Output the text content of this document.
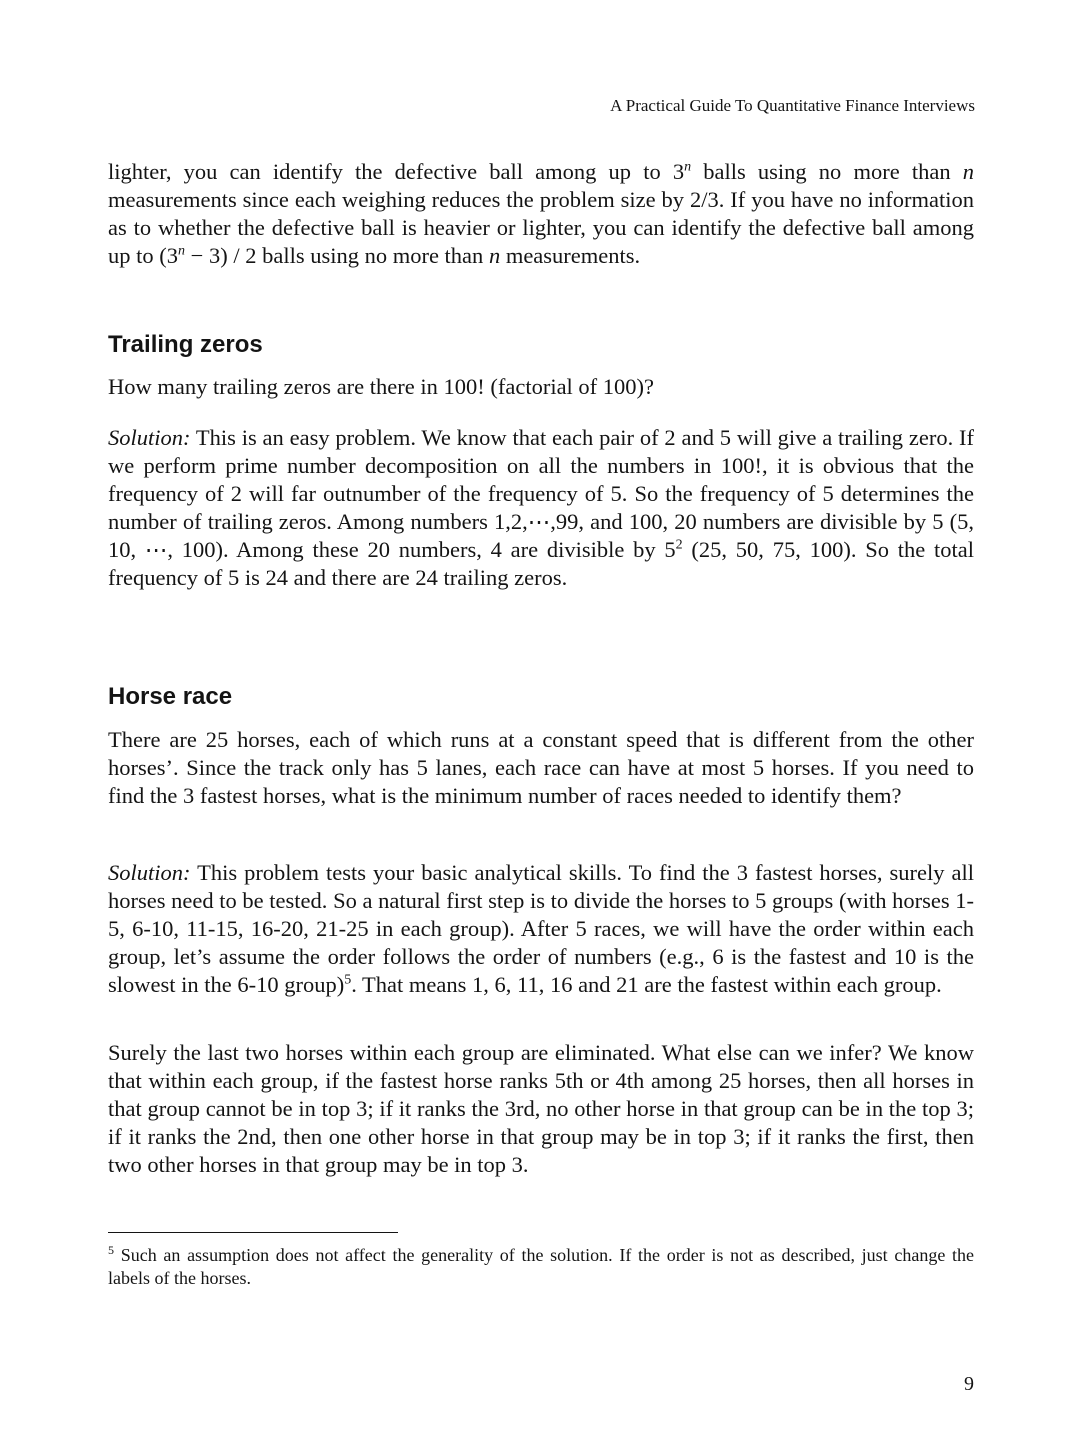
A Practical Guide To Quantitative Finance Interviews

lighter, you can identify the defective ball among up to 3$^n$ balls using no more than n measurements since each weighing reduces the problem size by 2/3. If you have no information as to whether the defective ball is heavier or lighter, you can identify the defective ball among up to $(3^n - 3) / 2$ balls using no more than n measurements.

Trailing zeros

How many trailing zeros are there in 100! (factorial of 100)?

Solution: This is an easy problem. We know that each pair of 2 and 5 will give a trailing zero. If we perform prime number decomposition on all the numbers in 100!, it is obvious that the frequency of 2 will far outnumber of the frequency of 5. So the frequency of 5 determines the number of trailing zeros. Among numbers 1,2,⋯,99, and 100, 20 numbers are divisible by 5 (5, 10, ⋯, 100). Among these 20 numbers, 4 are divisible by $5^2$ (25, 50, 75, 100). So the total frequency of 5 is 24 and there are 24 trailing zeros.

Horse race

There are 25 horses, each of which runs at a constant speed that is different from the other horses’. Since the track only has 5 lanes, each race can have at most 5 horses. If you need to find the 3 fastest horses, what is the minimum number of races needed to identify them?

Solution: This problem tests your basic analytical skills. To find the 3 fastest horses, surely all horses need to be tested. So a natural first step is to divide the horses to 5 groups (with horses 1-5, 6-10, 11-15, 16-20, 21-25 in each group). After 5 races, we will have the order within each group, let’s assume the order follows the order of numbers (e.g., 6 is the fastest and 10 is the slowest in the 6-10 group)$^5$. That means 1, 6, 11, 16 and 21 are the fastest within each group.

Surely the last two horses within each group are eliminated. What else can we infer? We know that within each group, if the fastest horse ranks 5th or 4th among 25 horses, then all horses in that group cannot be in top 3; if it ranks the 3rd, no other horse in that group can be in the top 3; if it ranks the 2nd, then one other horse in that group may be in top 3; if it ranks the first, then two other horses in that group may be in top 3.

$^5$ Such an assumption does not affect the generality of the solution. If the order is not as described, just change the labels of the horses.

9
